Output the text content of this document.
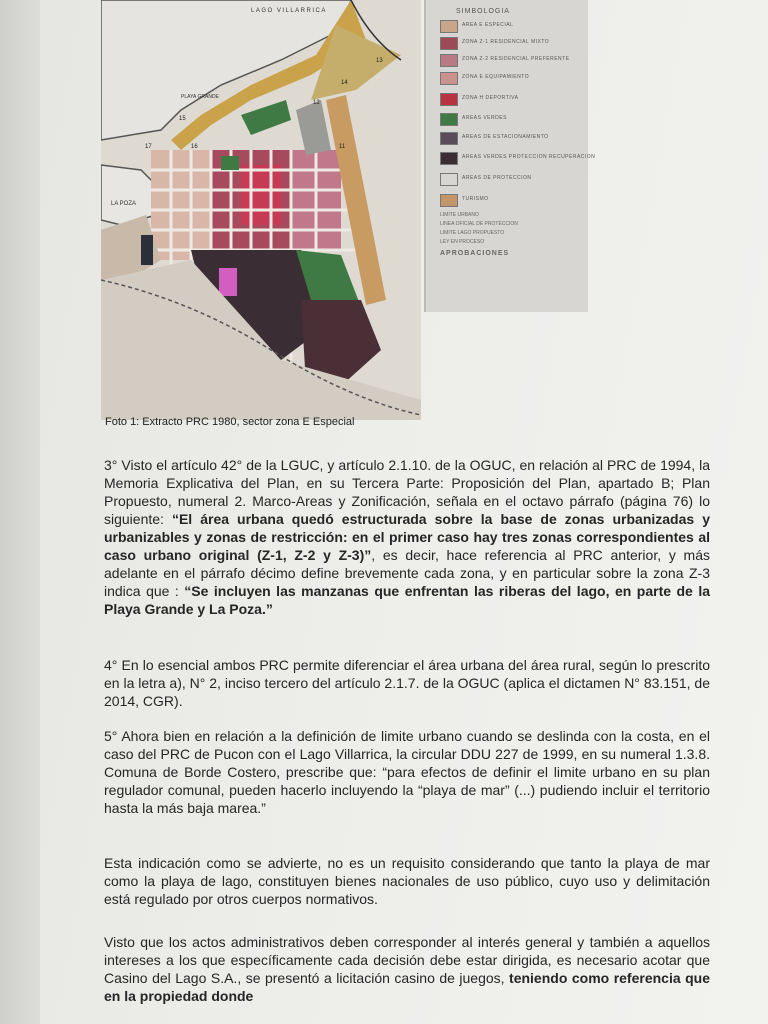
LAGO VILLARRICA
LA POZA
PLAYA GRANDE
13
14
15
16
17	11
12
SIMBOLOGIA
AREA E ESPECIAL
ZONA Z-1 RESIDENCIAL MIXTO
ZONA Z-2 RESIDENCIAL PREFERENTE
ZONA E EQUIPAMIENTO
ZONA H DEPORTIVA
AREAS VERDES
AREAS DE ESTACIONAMIENTO
AREAS VERDES PROTECCION RECUPERACION
AREAS DE PROTECCION
TURISMO
LIMITE URBANO
LINEA OFICIAL DE PROTECCION
LIMITE LAGO PROPUESTO
LEY EN PROCESO
APROBACIONES
Foto 1: Extracto PRC 1980, sector zona E Especial
3° Visto el artículo 42° de la LGUC, y artículo 2.1.10. de la OGUC, en relación al PRC de 1994, la Memoria Explicativa del Plan, en su Tercera Parte: Proposición del Plan, apartado B; Plan Propuesto, numeral 2. Marco-Areas y Zonificación, señala en el octavo párrafo (página 76) lo siguiente: “El área urbana quedó estructurada sobre la base de zonas urbanizadas y urbanizables y zonas de restricción: en el primer caso hay tres zonas correspondientes al caso urbano original (Z-1, Z-2 y Z-3)”, es decir, hace referencia al PRC anterior, y más adelante en el párrafo décimo define brevemente cada zona, y en particular sobre la zona Z-3 indica que : “Se incluyen las manzanas que enfrentan las riberas del lago, en parte de la Playa Grande y La Poza.”
4° En lo esencial ambos PRC permite diferenciar el área urbana del área rural, según lo prescrito en la letra a), N° 2, inciso tercero del artículo 2.1.7. de la OGUC (aplica el dictamen N° 83.151, de 2014, CGR).
5° Ahora bien en relación a la definición de limite urbano cuando se deslinda con la costa, en el caso del PRC de Pucon con el Lago Villarrica, la circular DDU 227 de 1999, en su numeral 1.3.8. Comuna de Borde Costero, prescribe que: “para efectos de definir el limite urbano en su plan regulador comunal, pueden hacerlo incluyendo la “playa de mar” (...) pudiendo incluir el territorio hasta la más baja marea.”
Esta indicación como se advierte, no es un requisito considerando que tanto la playa de mar como la playa de lago, constituyen bienes nacionales de uso público, cuyo uso y delimitación está regulado por otros cuerpos normativos.
Visto que los actos administrativos deben corresponder al interés general y también a aquellos intereses a los que específicamente cada decisión debe estar dirigida, es necesario acotar que Casino del Lago S.A., se presentó a licitación casino de juegos, teniendo como referencia que en la propiedad donde
